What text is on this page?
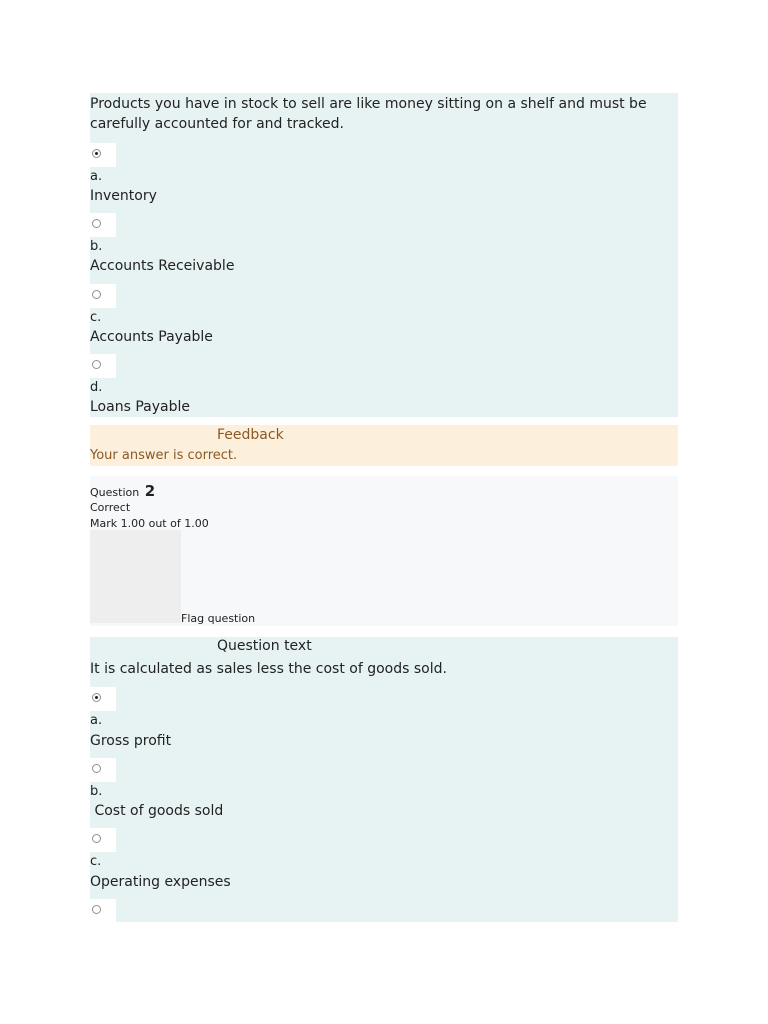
Products you have in stock to sell are like money sitting on a shelf and must be carefully accounted for and tracked.

a.
Inventory
b.
Accounts Receivable
c.
Accounts Payable
d.
Loans Payable
Feedback
Your answer is correct.
Question 2
Correct
Mark 1.00 out of 1.00
Flag question
Question text
It is calculated as sales less the cost of goods sold.
a.
Gross profit
b.
Cost of goods sold
c.
Operating expenses
